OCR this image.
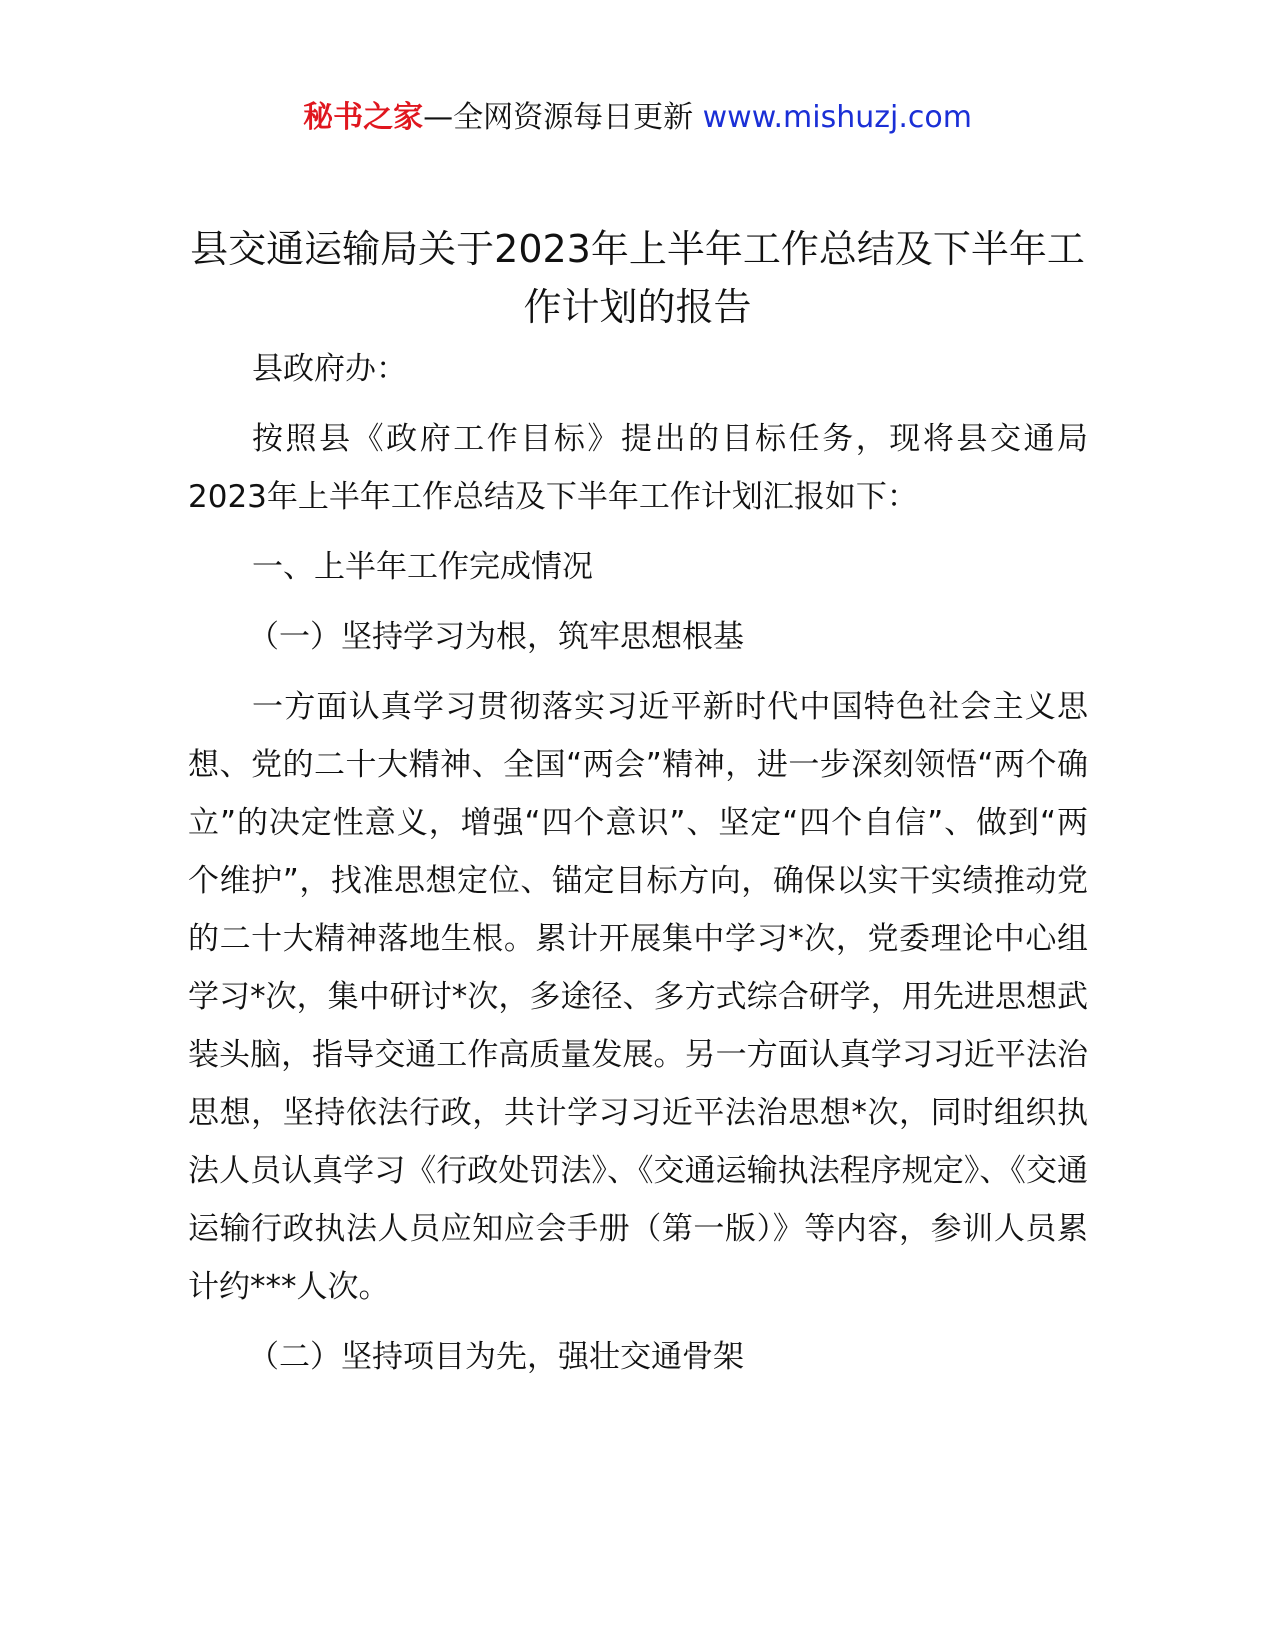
秘书之家—全网资源每日更新 www.mishuzj.com
县交通运输局关于2023年上半年工作总结及下半年工作计划的报告

县政府办：

按照县《政府工作目标》提出的目标任务，现将县交通局2023年上半年工作总结及下半年工作计划汇报如下：

一、上半年工作完成情况

（一）坚持学习为根，筑牢思想根基

一方面认真学习贯彻落实习近平新时代中国特色社会主义思想、党的二十大精神、全国“两会”精神，进一步深刻领悟“两个确立”的决定性意义，增强“四个意识”、坚定“四个自信”、做到“两个维护”，找准思想定位、锚定目标方向，确保以实干实绩推动党的二十大精神落地生根。累计开展集中学习*次，党委理论中心组学习*次，集中研讨*次，多途径、多方式综合研学，用先进思想武装头脑，指导交通工作高质量发展。另一方面认真学习习近平法治思想，坚持依法行政，共计学习习近平法治思想*次，同时组织执法人员认真学习《行政处罚法》、《交通运输执法程序规定》、《交通运输行政执法人员应知应会手册（第一版）》等内容，参训人员累计约***人次。

（二）坚持项目为先，强壮交通骨架
